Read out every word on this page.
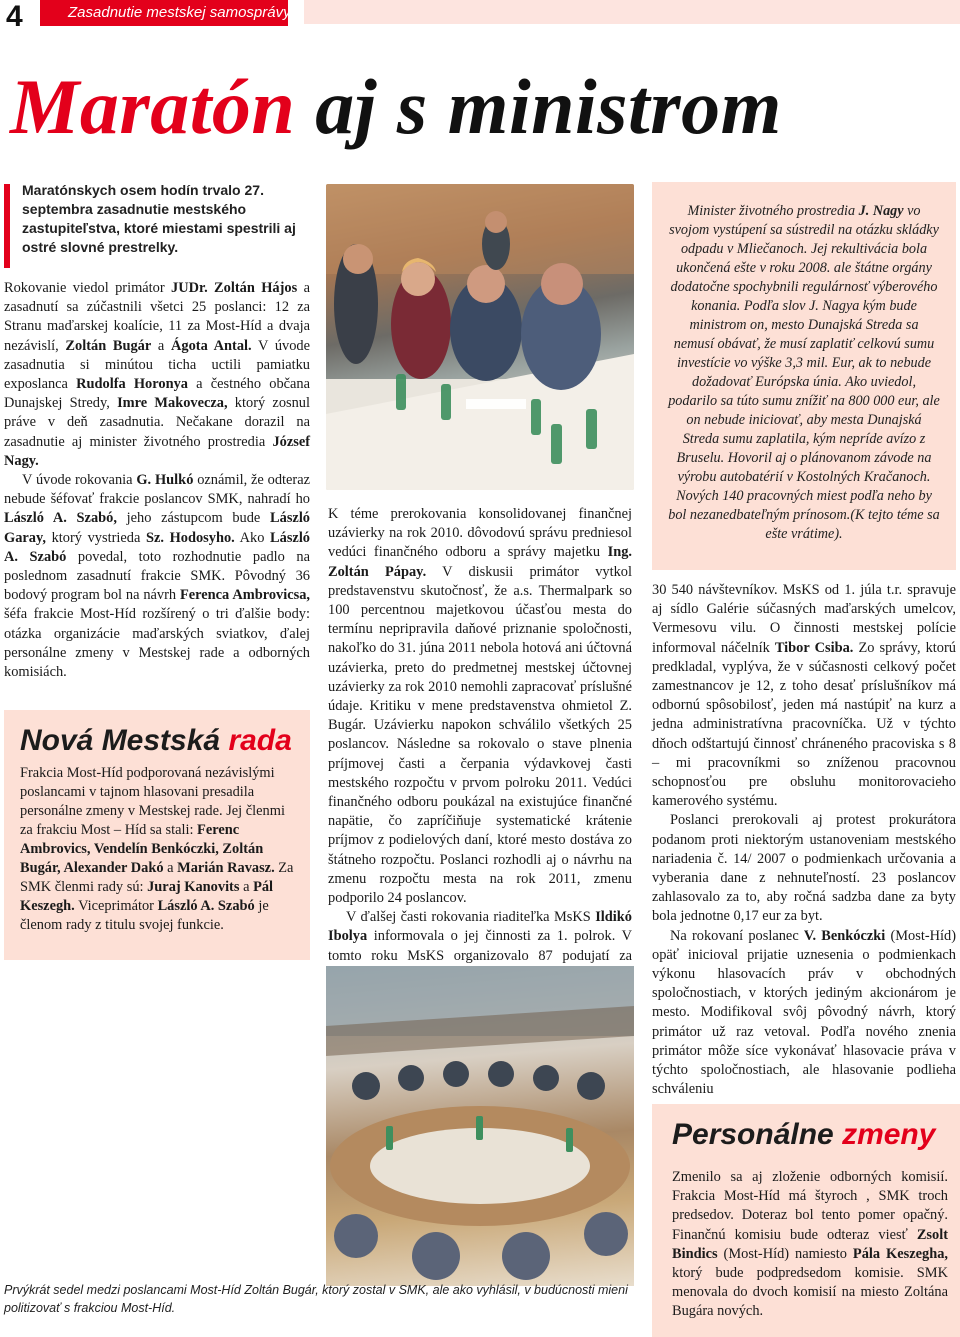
4	Zasadnutie mestskej samosprávy
Maratón aj s ministrom
Maratónskych osem hodín trvalo 27. septembra zasadnutie mestského zastupiteľstva, ktoré miestami spestrili aj ostré slovné prestrelky.

Rokovanie viedol primátor JUDr. Zoltán Hájos a zasadnutí sa zúčastnili všetci 25 poslanci: 12 za Stranu maďarskej koalície, 11 za Most-Híd a dvaja nezávislí, Zoltán Bugár a Ágota Antal. V úvode zasadnutia si minútou ticha uctili pamiatku exposlanca Rudolfa Horonya a čestného občana Dunajskej Stredy, Imre Makovecza, ktorý zosnul práve v deň zasadnutia. Nečakane dorazil na zasadnutie aj minister životného prostredia József Nagy.

V úvode rokovania G. Hulkó oznámil, že odteraz nebude šéfovať frakcie poslancov SMK, nahradí ho László A. Szabó, jeho zástupcom bude László Garay, ktorý vystrieda Sz. Hodosyho. Ako László A. Szabó povedal, toto rozhodnutie padlo na poslednom zasadnutí frakcie SMK. Pôvodný 36 bodový program bol na návrh Ferenca Ambrovicsa, šéfa frakcie Most-Híd rozšírený o tri ďalšie body: otázka organizácie maďarských sviatkov, ďalej personálne zmeny v Mestskej rade a odborných komisiách.

Nová Mestská rada
Frakcia Most-Híd podporovaná nezávislými poslancami v tajnom hlasovani presadila personálne zmeny v Mestskej rade. Jej členmi za frakciu Most – Híd sa stali: Ferenc Ambrovics, Vendelín Benkóczki, Zoltán Bugár, Alexander Dakó a Marián Ravasz. Za SMK členmi rady sú: Juraj Kanovits a Pál Keszegh. Viceprimátor László A. Szabó je členom rady z titulu svojej funkcie.

K téme prerokovania konsolidovanej finančnej uzávierky na rok 2010. dôvodovú správu predniesol vedúci finančného odboru a správy majetku Ing. Zoltán Pápay. V diskusii primátor vytkol predstavenstvu skutočnosť, že a.s. Thermalpark so 100 percentnou majetkovou účasťou mesta do termínu nepripravila daňové priznanie spoločnosti, nakoľko do 31. júna 2011 nebola hotová ani účtovná uzávierka, preto do predmetnej mestskej účtovnej uzávierky za rok 2010 nemohli zapracovať príslušné údaje. Kritiku v mene predstavenstva ohmietol Z. Bugár. Uzávierku napokon schválilo všetkých 25 poslancov. Následne sa rokovalo o stave plnenia príjmovej časti a čerpania výdavkovej časti mestského rozpočtu v prvom polroku 2011. Vedúci finančného odboru poukázal na existujúce finančné napätie, čo zapríčiňuje systematické krátenie príjmov z podielových daní, ktoré mesto dostáva zo štátneho rozpočtu. Poslanci rozhodli aj o návrhu na zmenu rozpočtu mesta na rok 2011, zmenu podporilo 24 poslancov.

V ďalšej časti rokovania riaditeľka MsKS Ildikó Ibolya informovala o jej činnosti za 1. polrok. V tomto roku MsKS organizovalo 87 podujatí za

Minister životného prostredia J. Nagy vo svojom vystúpení sa sústredil na otázku skládky odpadu v Mliečanoch. Jej rekultivácia bola ukončená ešte v roku 2008. ale štátne orgány dodatočne spochybnili regulárnosť výberového konania. Podľa slov J. Nagya kým bude ministrom on, mesto Dunajská Streda sa nemusí obávať, že musí zaplatiť celkovú sumu investície vo výške 3,3 mil. Eur, ak to nebude dožadovať Európska únia. Ako uviedol, podarilo sa túto sumu znížiť na 800 000 eur, ale on nebude iniciovať, aby mesta Dunajská Streda sumu zaplatila, kým nepríde avízo z Bruselu. Hovoril aj o plánovanom závode na výrobu autobatérií v Kostolných Kračanoch. Nových 140 pracovných miest podľa neho by bol nezanedbateľným prínosom.(K tejto téme sa ešte vrátime).

30 540 návštevníkov. MsKS od 1. júla t.r. spravuje aj sídlo Galérie súčasných maďarských umelcov, Vermesovu vilu. O činnosti mestskej polície informoval náčelník Tibor Csiba. Zo správy, ktorú predkladal, vyplýva, že v súčasnosti celkový počet zamestnancov je 12, z toho desať príslušníkov má odbornú spôsobilosť, jeden má nastúpiť na kurz a jedna administratívna pracovníčka. Už v týchto dňoch odštartujú činnosť chráneného pracoviska s 8 – mi pracovníkmi so zníženou pracovnou schopnosťou pre obsluhu monitorovacieho kamerového systému.

Poslanci prerokovali aj protest prokurátora podanom proti niektorým ustanoveniam mestského nariadenia č. 14/ 2007 o podmienkach určovania a vyberania dane z nehnuteľností. 23 poslancov zahlasovalo za to, aby ročná sadzba dane za byty bola jednotne 0,17 eur za byt.

Na rokovaní poslanec V. Benkóczki (Most-Híd) opäť inicioval prijatie uznesenia o podmienkach výkonu hlasovacích práv v obchodných spoločnostiach, v ktorých jediným akcionárom je mesto. Modifikoval svôj pôvodný návrh, ktorý primátor už raz vetoval. Podľa nového znenia primátor môže síce vykonávať hlasovacie práva v týchto spoločnostiach, ale hlasovanie podlieha schváleniu

Personálne zmeny
Zmenilo sa aj zloženie odborných komisií. Frakcia Most-Híd má štyroch , SMK troch predsedov. Doteraz bol tento pomer opačný. Finančnú komisiu bude odteraz viesť Zsolt Bindics (Most-Híd) namiesto Pála Keszegha, ktorý bude podpredsedom komisie. SMK menovala do dvoch komisií na miesto Zoltána Bugára nových.
Prvýkrát sedel medzi poslancami Most-Híd Zoltán Bugár, ktorý zostal v SMK, ale ako vyhlásil, v budúcnosti mieni politizovať s frakciou Most-Híd.
